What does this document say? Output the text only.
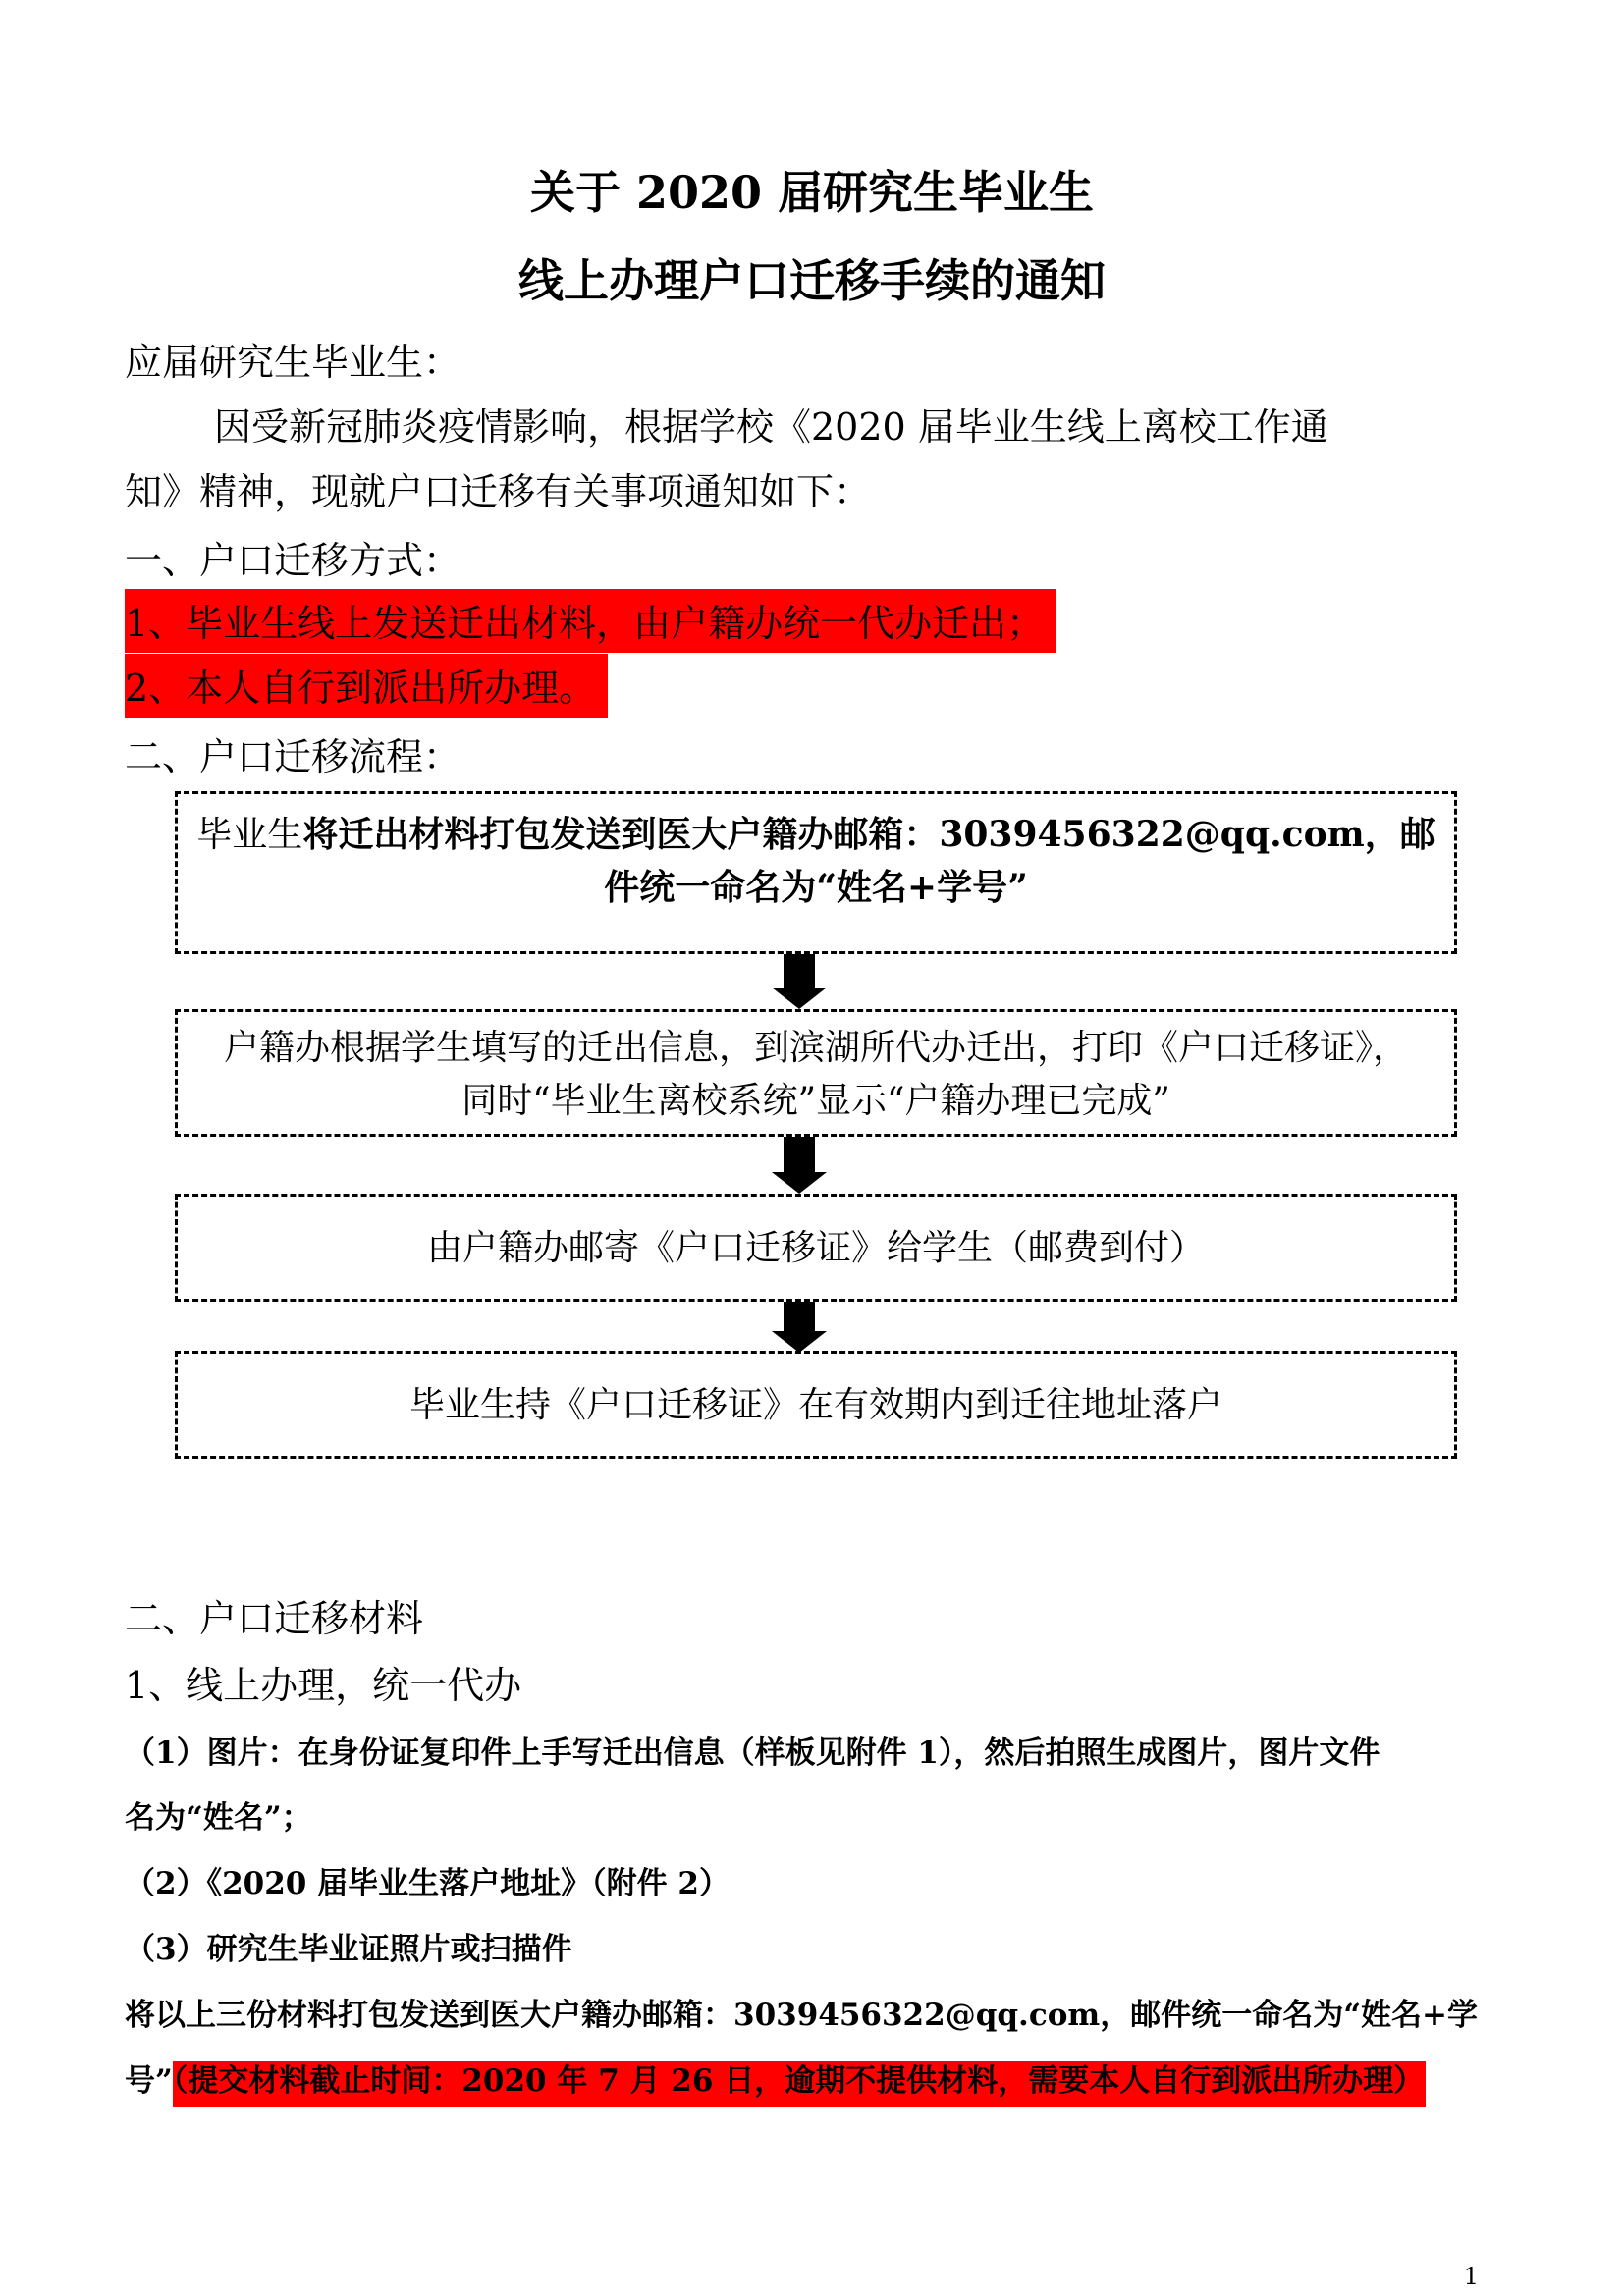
关于 2020 届研究生毕业生
线上办理户口迁移手续的通知
应届研究生毕业生：
因受新冠肺炎疫情影响，根据学校《2020 届毕业生线上离校工作通
知》精神，现就户口迁移有关事项通知如下：
一、户口迁移方式：
1、毕业生线上发送迁出材料，由户籍办统一代办迁出；
2、本人自行到派出所办理。
二、户口迁移流程：
毕业生将迁出材料打包发送到医大户籍办邮箱：3039456322@qq.com，邮
件统一命名为“姓名+学号”
户籍办根据学生填写的迁出信息，到滨湖所代办迁出，打印《户口迁移证》，
同时“毕业生离校系统”显示“户籍办理已完成”
由户籍办邮寄《户口迁移证》给学生（邮费到付）
毕业生持《户口迁移证》在有效期内到迁往地址落户
二、户口迁移材料
1、线上办理，统一代办
（1）图片：在身份证复印件上手写迁出信息（样板见附件 1），然后拍照生成图片，图片文件
名为“姓名”；
（2）《2020 届毕业生落户地址》（附件 2）
（3）研究生毕业证照片或扫描件
将以上三份材料打包发送到医大户籍办邮箱：3039456322@qq.com，邮件统一命名为“姓名+学
号”（提交材料截止时间：2020 年 7 月 26 日，逾期不提供材料，需要本人自行到派出所办理）
1
